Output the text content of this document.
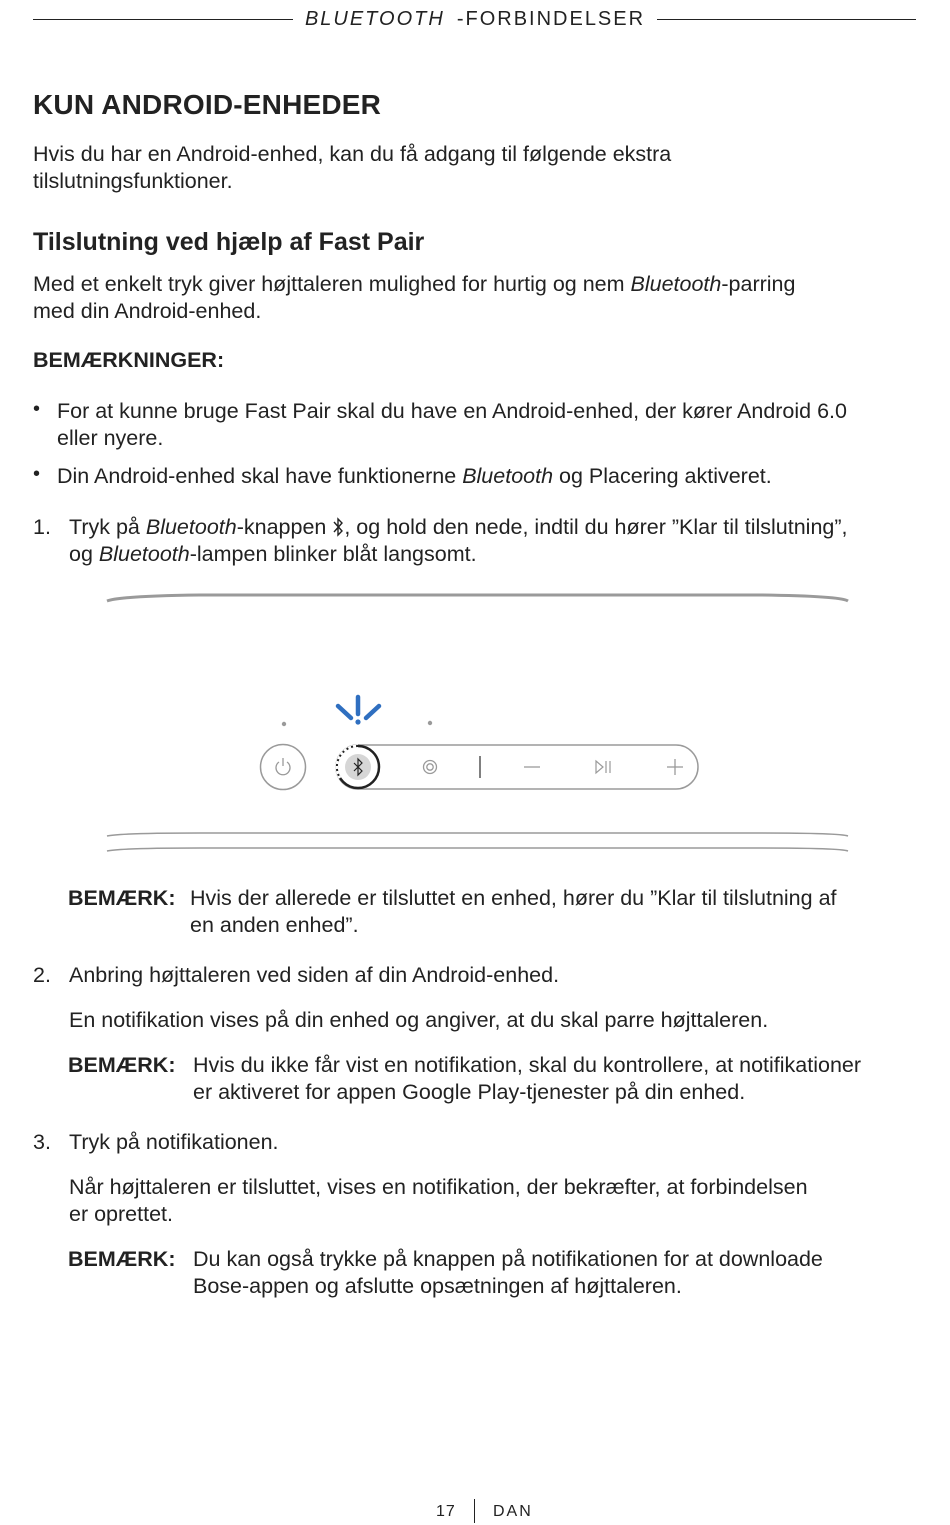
BLUETOOTH -FORBINDELSER
KUN ANDROID-ENHEDER
Hvis du har en Android-enhed, kan du få adgang til følgende ekstra
tilslutningsfunktioner.
Tilslutning ved hjælp af Fast Pair
Med et enkelt tryk giver højttaleren mulighed for hurtig og nem Bluetooth-parring
med din Android-enhed.
BEMÆRKNINGER:
• For at kunne bruge Fast Pair skal du have en Android-enhed, der kører Android 6.0
eller nyere.
• Din Android-enhed skal have funktionerne Bluetooth og Placering aktiveret.
1. Tryk på Bluetooth-knappen , og hold den nede, indtil du hører ”Klar til tilslutning”,
og Bluetooth-lampen blinker blåt langsomt.
BEMÆRK: Hvis der allerede er tilsluttet en enhed, hører du ”Klar til tilslutning af
en anden enhed”.
2. Anbring højttaleren ved siden af din Android-enhed.
En notifikation vises på din enhed og angiver, at du skal parre højttaleren.
BEMÆRK: Hvis du ikke får vist en notifikation, skal du kontrollere, at notifikationer
er aktiveret for appen Google Play-tjenester på din enhed.
3. Tryk på notifikationen.
Når højttaleren er tilsluttet, vises en notifikation, der bekræfter, at forbindelsen
er oprettet.
BEMÆRK: Du kan også trykke på knappen på notifikationen for at downloade
Bose-appen og afslutte opsætningen af højttaleren.
17 DAN
